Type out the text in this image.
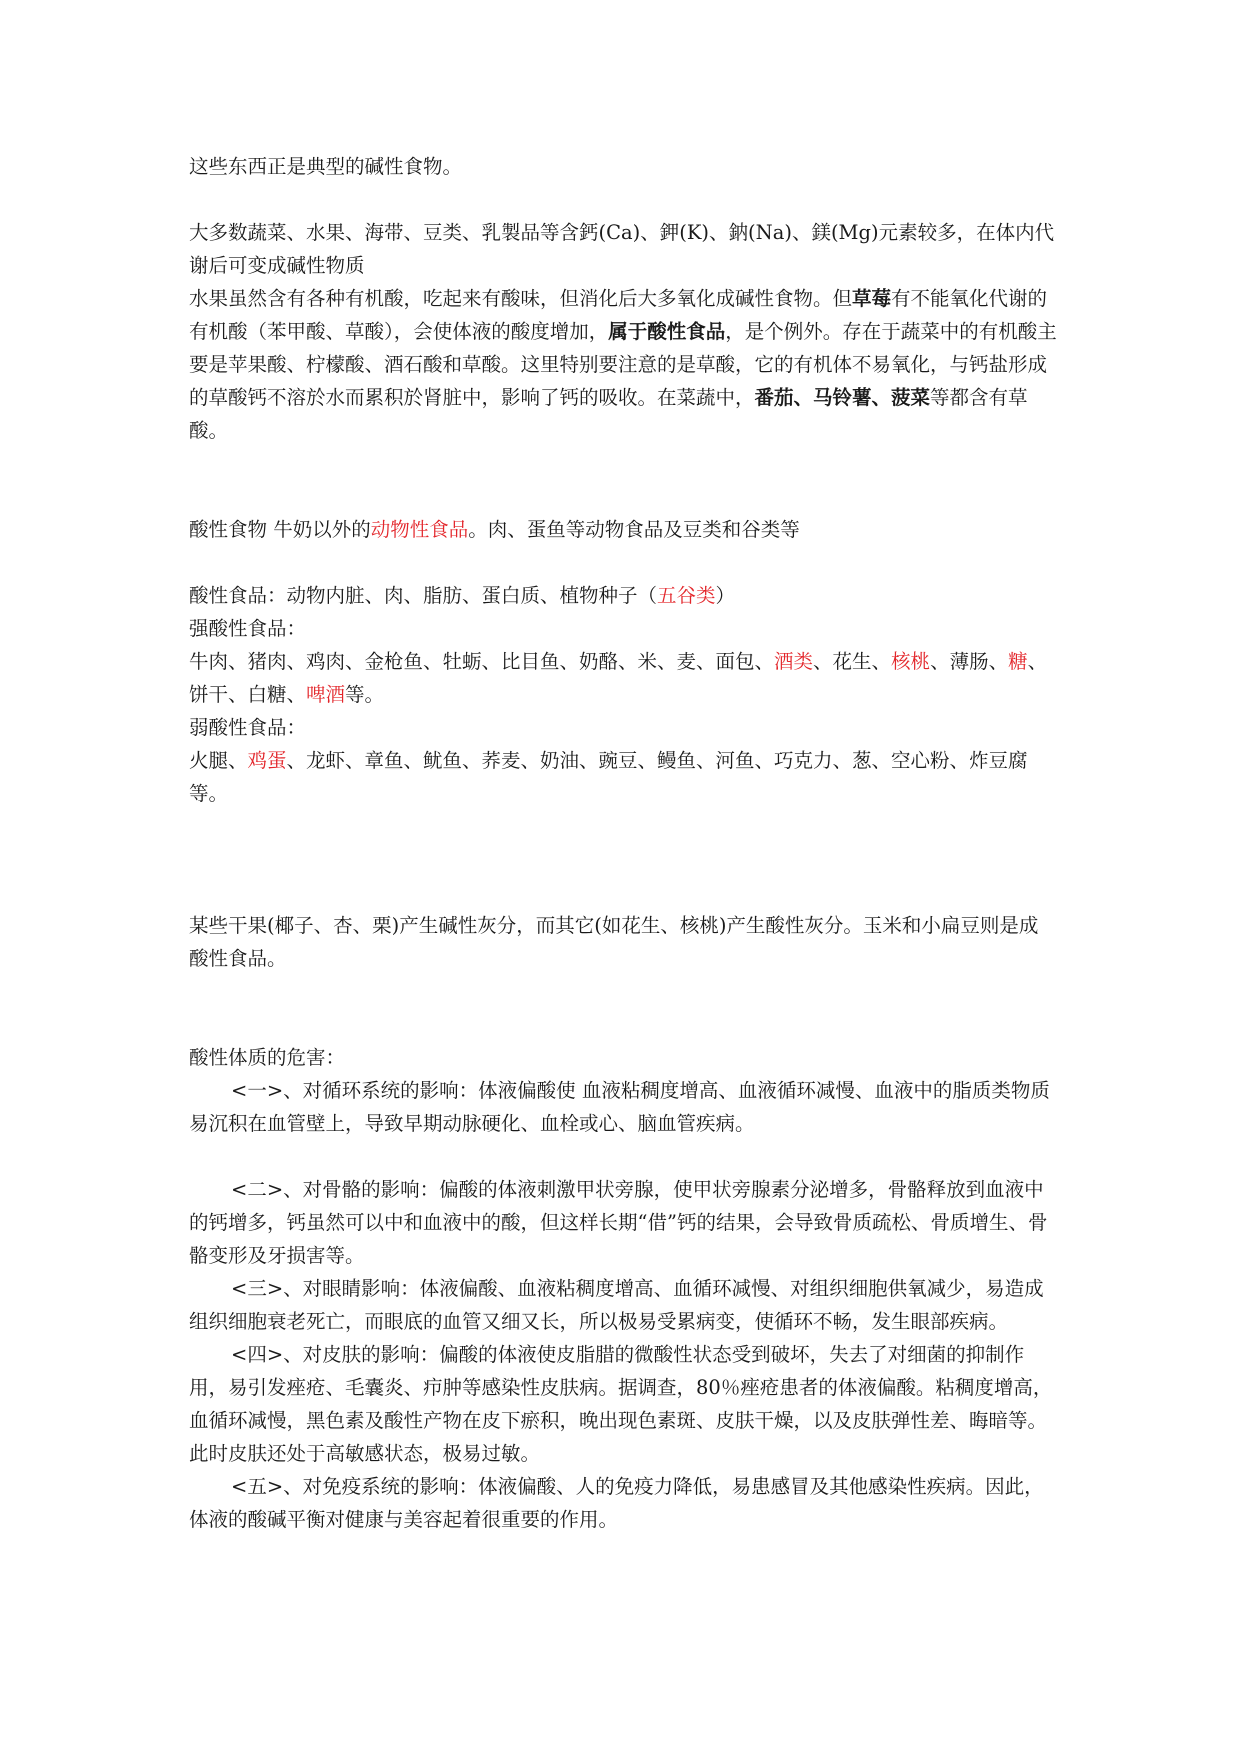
这些东西正是典型的碱性食物。

大多数蔬菜、水果、海带、豆类、乳製品等含鈣(Ca)、鉀(K)、鈉(Na)、鎂(Mg)元素较多，在体内代谢后可变成碱性物质

水果虽然含有各种有机酸，吃起来有酸味，但消化后大多氧化成碱性食物。但草莓有不能氧化代谢的有机酸（苯甲酸、草酸），会使体液的酸度增加，属于酸性食品，是个例外。存在于蔬菜中的有机酸主要是苹果酸、柠檬酸、酒石酸和草酸。这里特别要注意的是草酸，它的有机体不易氧化，与钙盐形成的草酸钙不溶於水而累积於肾脏中，影响了钙的吸收。在菜蔬中，番茄、马铃薯、菠菜等都含有草酸。

酸性食物 牛奶以外的动物性食品。肉、蛋鱼等动物食品及豆类和谷类等

酸性食品：动物内脏、肉、脂肪、蛋白质、植物种子（五谷类）

强酸性食品：

牛肉、猪肉、鸡肉、金枪鱼、牡蛎、比目鱼、奶酪、米、麦、面包、酒类、花生、核桃、薄肠、糖、饼干、白糖、啤酒等。

弱酸性食品：

火腿、鸡蛋、龙虾、章鱼、鱿鱼、荞麦、奶油、豌豆、鳗鱼、河鱼、巧克力、葱、空心粉、炸豆腐等。

某些干果(椰子、杏、栗)产生碱性灰分，而其它(如花生、核桃)产生酸性灰分。玉米和小扁豆则是成酸性食品。

酸性体质的危害：

<一>、对循环系统的影响：体液偏酸使 血液粘稠度增高、血液循环减慢、血液中的脂质类物质易沉积在血管壁上，导致早期动脉硬化、血栓或心、脑血管疾病。

<二>、对骨骼的影响：偏酸的体液刺激甲状旁腺，使甲状旁腺素分泌增多，骨骼释放到血液中的钙增多，钙虽然可以中和血液中的酸，但这样长期“借”钙的结果，会导致骨质疏松、骨质增生、骨骼变形及牙损害等。

<三>、对眼睛影响：体液偏酸、血液粘稠度增高、血循环减慢、对组织细胞供氧减少，易造成组织细胞衰老死亡，而眼底的血管又细又长，所以极易受累病变，使循环不畅，发生眼部疾病。

<四>、对皮肤的影响：偏酸的体液使皮脂腊的微酸性状态受到破坏，失去了对细菌的抑制作用，易引发痤疮、毛囊炎、疖肿等感染性皮肤病。据调查，80％痤疮患者的体液偏酸。粘稠度增高，血循环减慢，黑色素及酸性产物在皮下瘀积，晚出现色素斑、皮肤干燥，以及皮肤弹性差、晦暗等。此时皮肤还处于高敏感状态，极易过敏。

<五>、对免疫系统的影响：体液偏酸、人的免疫力降低，易患感冒及其他感染性疾病。因此，体液的酸碱平衡对健康与美容起着很重要的作用。
